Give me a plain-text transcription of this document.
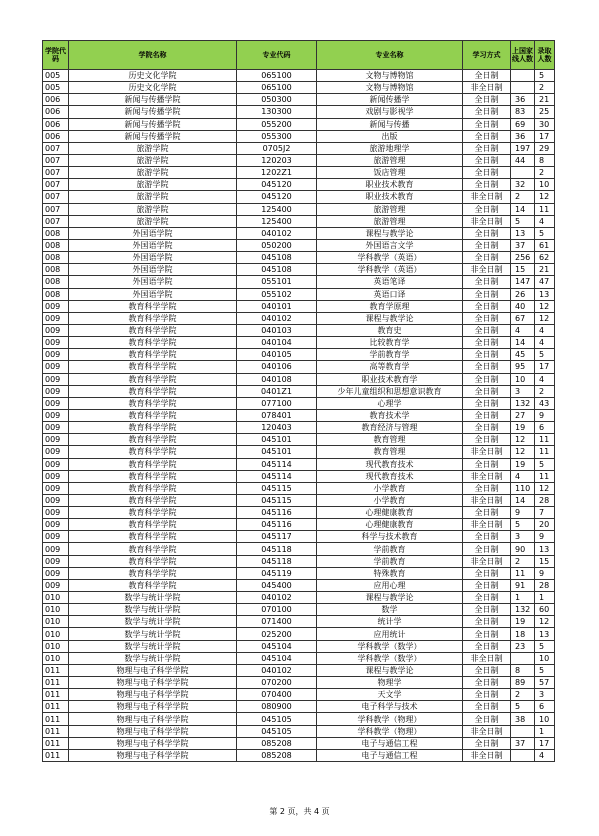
学院代码	学院名称	专业代码	专业名称	学习方式	上国家线人数	录取人数
005	历史文化学院	065100	文物与博物馆	全日制		5
005	历史文化学院	065100	文物与博物馆	非全日制		2
006	新闻与传播学院	050300	新闻传播学	全日制	36	21
006	新闻与传播学院	130300	戏剧与影视学	全日制	83	25
006	新闻与传播学院	055200	新闻与传播	全日制	69	30
006	新闻与传播学院	055300	出版	全日制	36	17
007	旅游学院	0705J2	旅游地理学	全日制	197	29
007	旅游学院	120203	旅游管理	全日制	44	8
007	旅游学院	1202Z1	饭店管理	全日制		2
007	旅游学院	045120	职业技术教育	全日制	32	10
007	旅游学院	045120	职业技术教育	非全日制	2	12
007	旅游学院	125400	旅游管理	全日制	14	11
007	旅游学院	125400	旅游管理	非全日制	5	4
008	外国语学院	040102	课程与教学论	全日制	13	5
008	外国语学院	050200	外国语言文学	全日制	37	61
008	外国语学院	045108	学科教学（英语）	全日制	256	62
008	外国语学院	045108	学科教学（英语）	非全日制	15	21
008	外国语学院	055101	英语笔译	全日制	147	47
008	外国语学院	055102	英语口译	全日制	26	13
009	教育科学学院	040101	教育学原理	全日制	40	12
009	教育科学学院	040102	课程与教学论	全日制	67	12
009	教育科学学院	040103	教育史	全日制	4	4
009	教育科学学院	040104	比较教育学	全日制	14	4
009	教育科学学院	040105	学前教育学	全日制	45	5
009	教育科学学院	040106	高等教育学	全日制	95	17
009	教育科学学院	040108	职业技术教育学	全日制	10	4
009	教育科学学院	0401Z1	少年儿童组织和思想意识教育	全日制	3	2
009	教育科学学院	077100	心理学	全日制	132	43
009	教育科学学院	078401	教育技术学	全日制	27	9
009	教育科学学院	120403	教育经济与管理	全日制	19	6
009	教育科学学院	045101	教育管理	全日制	12	11
009	教育科学学院	045101	教育管理	非全日制	12	11
009	教育科学学院	045114	现代教育技术	全日制	19	5
009	教育科学学院	045114	现代教育技术	非全日制	4	11
009	教育科学学院	045115	小学教育	全日制	110	12
009	教育科学学院	045115	小学教育	非全日制	14	28
009	教育科学学院	045116	心理健康教育	全日制	9	7
009	教育科学学院	045116	心理健康教育	非全日制	5	20
009	教育科学学院	045117	科学与技术教育	全日制	3	9
009	教育科学学院	045118	学前教育	全日制	90	13
009	教育科学学院	045118	学前教育	非全日制	2	15
009	教育科学学院	045119	特殊教育	全日制	11	9
009	教育科学学院	045400	应用心理	全日制	91	28
010	数学与统计学院	040102	课程与教学论	全日制	1	1
010	数学与统计学院	070100	数学	全日制	132	60
010	数学与统计学院	071400	统计学	全日制	19	12
010	数学与统计学院	025200	应用统计	全日制	18	13
010	数学与统计学院	045104	学科教学（数学）	全日制	23	5
010	数学与统计学院	045104	学科教学（数学）	非全日制		10
011	物理与电子科学学院	040102	课程与教学论	全日制	8	5
011	物理与电子科学学院	070200	物理学	全日制	89	57
011	物理与电子科学学院	070400	天文学	全日制	2	3
011	物理与电子科学学院	080900	电子科学与技术	全日制	5	6
011	物理与电子科学学院	045105	学科教学（物理）	全日制	38	10
011	物理与电子科学学院	045105	学科教学（物理）	非全日制		1
011	物理与电子科学学院	085208	电子与通信工程	全日制	37	17
011	物理与电子科学学院	085208	电子与通信工程	非全日制		4
第 2 页，共 4 页
